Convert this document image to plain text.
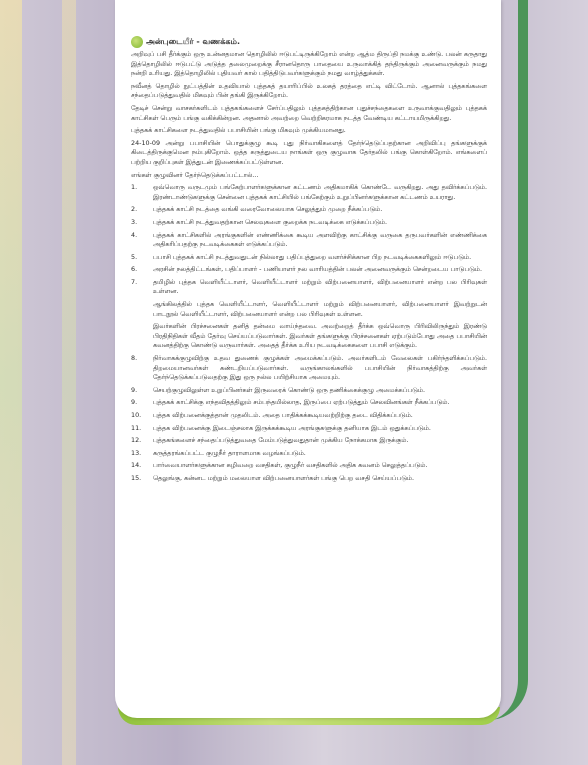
அன்புடையீர் - வணக்கம்.

அறிவுப் பசி தீர்க்கும் ஒரு உன்னதமான தொழிலில் ஈடுபட்டிருக்கிறோம் என்ற ஆத்ம திருப்தி நமக்கு உண்டு. பலன் கருதாது இத்தொழிலில் ஈடுபட்டு அடுத்த தலைமுறைக்கு சீரானதொரு பாதையை உருவாக்கித் தந்திருக்கும் அனைவருக்கும் நமது நன்றி உரியது. இத்தொழிலில் புதியவர் கால் பதித்திடுபவர்களுக்கும் நமது வாழ்த்துக்கள்.

நவீனத் தொழில் நுட்பத்தின் உதவியால் புத்தகத் தயாரிப்பில் உலகத் தரத்தை எட்டி விட்டோம். ஆனால் புத்தகங்களை சந்தைப்படுத்துவதில் மிகவும் பின் தங்கி இருக்கிறோம்.

தேடிச் சென்று வாசகர்களிடம் புத்தகங்களைச் சேர்ப்பதிலும் புத்தகத்திற்கான புதுச்சந்தைகளை உருவாக்குவதிலும் புத்தகக் காட்சிகள் பெரும் பங்கு வகிக்கின்றன. அதனால் அவற்றை வெற்றிகரமாக நடத்த வேண்டிய கட்டாயமிருக்கிறது.

புத்தகக் காட்சிகளை நடத்துவதில் பபாசியின் பங்கு மிகவும் முக்கியமானது.

24-10-09 அன்று பபாசியின் பொதுக்குழு கூடி புது நிர்வாகிகளைத் தேர்ந்தெடுப்பதற்கான அறிவிப்பு தங்களுக்குக் கிடைத்திருக்குமென நம்புகிறோம். ஒத்த கருத்துடைய நாங்கள் ஒரு குழுவாக தேர்தலில் பங்கு கொள்கிறோம். எங்களைப் பற்றிய குறிப்புகள் இத்துடன் இணைக்கப்பட்டுள்ளன.

எங்கள் குழுவினர் தேர்ந்தெடுக்கப்பட்டால்...

1.	ஒவ்வொரு வருடமும் பங்கேற்பாளர்களுக்கான கட்டணம் அதிகமாகிக் கொண்டே வருகிறது. அது தவிர்க்கப்படும். இரண்டாண்டுகளுக்கு சென்னை புத்தகக் காட்சியில் பங்கேற்கும் உறுப்பினர்களுக்கான கட்டணம் உயராது.
2.	புத்தகக் காட்சி நடத்தை வங்கி வரைவோலையாக செலுத்தும் முறை நீக்கப்படும்.
3.	புத்தகக் காட்சி நடத்துவதற்கான செலவுகளை குறைக்க நடவடிக்கை எடுக்கப்படும்.
4.	புத்தகக் காட்சிகளில் அரங்குகளின் எண்ணிக்கை கூடிய அளவிற்கு காட்சிக்கு வருகை தருபவர்களின் எண்ணிக்கை அதிகரிப்பதற்கு நடவடிக்கைகள் எடுக்கப்படும்.
5.	பபாசி புத்தகக் காட்சி நடத்துவதுடன் நில்லாது பதிப்புத்துறை வளர்ச்சிக்கான பிற நடவடிக்கைகளிலும் ஈடுபடும்.
6.	அரசின் நலத்திட்டங்கள், பதிப்பாளர் - பணியாளர் நல வாரியத்தின் பலன் அனைவருக்கும் சென்றடைய பாடுபடும்.
7.	தமிழில் புத்தக வெளியீட்டாளர், வெளியீட்டாளர் மற்றும் விற்பனையாளர், விற்பனையாளர் என்ற பல பிரிவுகள் உள்ளன.
ஆங்கிலத்தில் புத்தக வெளியீட்டாளர், வெளியீட்டாளர் மற்றும் விற்பனையாளர், விற்பனையாளர் இவற்றுடன் பாடநூல் வெளியீட்டாளர், விற்பனையாளர் என்ற பல பிரிவுகள் உள்ளன.
இவர்களின் பிரச்சனைகள் தனித் தன்மை வாய்ந்தவை. அவற்றைத் தீர்க்க ஒவ்வொரு பிரிவிலிருந்தும் இரண்டு பிரதிநிதிகள் வீதம் தேர்வு செய்யப்படுவார்கள். இவர்கள் தங்களுக்கு பிரச்சனைகள் ஏற்படும்போது அதை பபாசியின் கவனத்திற்கு கொண்டு வருவார்கள். அதைத் தீர்க்க உரிய நடவடிக்கைகளை பபாசி எடுக்கும்.
8.	நிர்வாகக்குழுவிற்கு உதவ துணைக் குழுக்கள் அமைக்கப்படும். அவர்களிடம் வேலைகள் பகிர்ந்தளிக்கப்படும். திறமையானவர்கள் கண்டறியப்படுவார்கள். வருங்காலங்களில் பபாசியின் நிர்வாகத்திற்கு அவர்கள் தேர்ந்தெடுக்கப்படுவதற்கு இது ஒரு நல்ல பயிற்சியாக அமையும்.
9.	செயற்குழுவிலுள்ள உறுப்பினர்கள் இருவரைக் கொண்டு ஒரு தணிக்கைக்குழு அமைக்கப்படும்.
9.	புத்தகக் காட்சிக்கு எந்தவிதத்திலும் சம்பந்தமில்லாத, இருப்பை ஏற்படுத்தும் செலவினங்கள் நீக்கப்படும்.
10.	புத்தக விற்பனைக்குத்தான் முதலிடம். அதை பாதிக்கக்கூடியவற்றிற்கு தடை விதிக்கப்படும்.
11.	புத்தக விற்பனைக்கு இடைஞ்சலாக இருக்கக்கூடிய அரங்குகளுக்கு தனியாக இடம் ஒதுக்கப்படும்.
12.	புத்தகங்களைச் சந்தைப்படுத்துவதை மேம்படுத்துவதுதான் முக்கிய நோக்கமாக இருக்கும்.
13.	கருத்தரங்கப்பட்ட குழுநீர் தாராளமாக வழங்கப்படும்.
14.	பார்வையாளர்களுக்கான கழிவறை வசதிகள், குழுநீர் வசதிகளில் அதிக கவனம் செலுத்தப்படும்.
15.	தெலுங்கு, கன்னட மற்றும் மலையாள விற்பனையாளர்கள் பங்கு பெற வசதி செய்யப்படும்.
